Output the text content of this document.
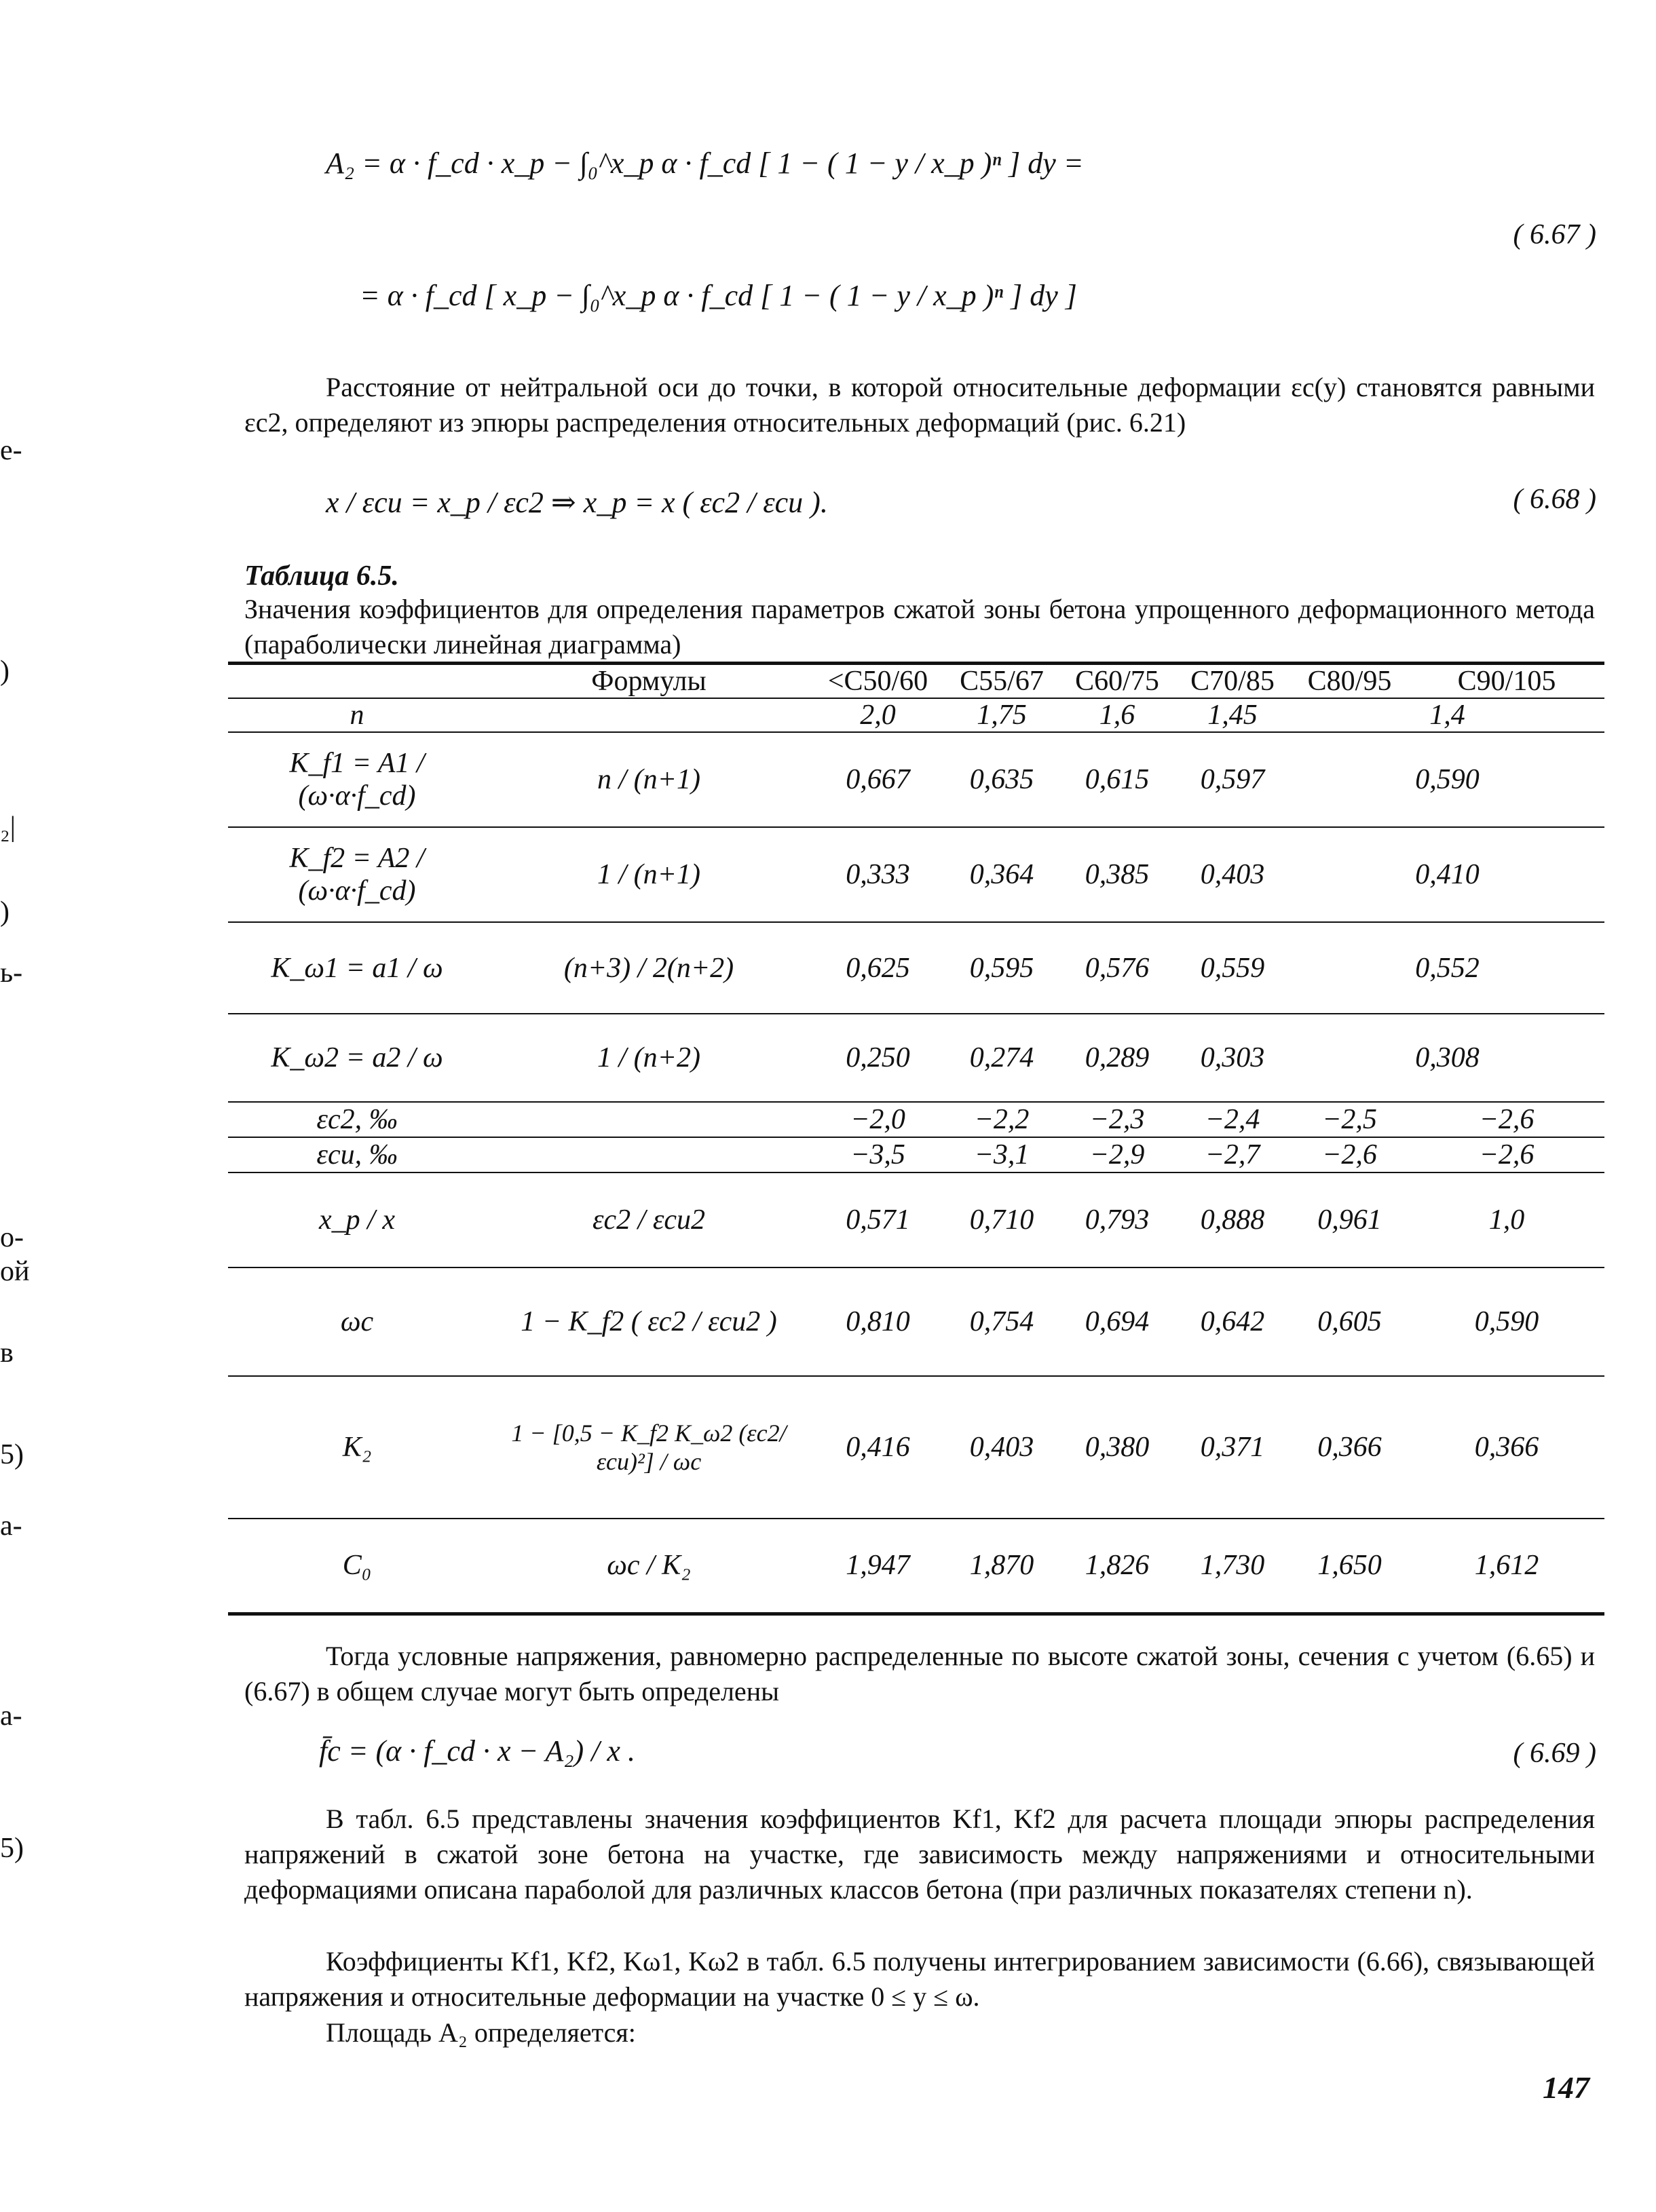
е-
)
₂|
)
ь-
о-
ой
в
5)
а-
а-
5)
A₂ = α · f_cd · x_p − ∫₀^x_p α · f_cd [ 1 − ( 1 − y / x_p )ⁿ ] dy =
= α · f_cd [ x_p − ∫₀^x_p α · f_cd [ 1 − ( 1 − y / x_p )ⁿ ] dy ]
( 6.67 )
Расстояние от нейтральной оси до точки, в которой относительные деформации εc(y) становятся равными εc2, определяют из эпюры распределения относительных деформаций (рис. 6.21)
x / εcu = x_p / εc2 ⇒ x_p = x ( εc2 / εcu ).	( 6.68 )
Таблица 6.5.
Значения коэффициентов для определения параметров сжатой зоны бетона упрощенного деформационного метода (параболически линейная диаграмма)
	Формулы	<C50/60	C55/67	C60/75	C70/85	C80/95	C90/105
n		2,0	1,75	1,6	1,45	1,4	
K_f1 = A1 / (ω·α·f_cd)	n / (n+1)	0,667	0,635	0,615	0,597	0,590	
K_f2 = A2 / (ω·α·f_cd)	1 / (n+1)	0,333	0,364	0,385	0,403	0,410	
K_ω1 = a1 / ω	(n+3) / 2(n+2)	0,625	0,595	0,576	0,559	0,552	
K_ω2 = a2 / ω	1 / (n+2)	0,250	0,274	0,289	0,303	0,308	
εc2, ‰		−2,0	−2,2	−2,3	−2,4	−2,5	−2,6
εcu, ‰		−3,5	−3,1	−2,9	−2,7	−2,6	−2,6
x_p / x	εc2 / εcu2	0,571	0,710	0,793	0,888	0,961	1,0
ωc	1 − K_f2 ( εc2 / εcu2 )	0,810	0,754	0,694	0,642	0,605	0,590
K₂	1 − [0,5 − K_f2 K_ω2 (εc2/εcu)²] / ωc	0,416	0,403	0,380	0,371	0,366	0,366
C₀	ωc / K₂	1,947	1,870	1,826	1,730	1,650	1,612
Тогда условные напряжения, равномерно распределенные по высоте сжатой зоны, сечения с учетом (6.65) и (6.67) в общем случае могут быть определены
f̄c = (α · f_cd · x − A₂) / x .	( 6.69 )
В табл. 6.5 представлены значения коэффициентов Kf1, Kf2 для расчета площади эпюры распределения напряжений в сжатой зоне бетона на участке, где зависимость между напряжениями и относительными деформациями описана параболой для различных классов бетона (при различных показателях степени n).
Коэффициенты Kf1, Kf2, Kω1, Kω2 в табл. 6.5 получены интегрированием зависимости (6.66), связывающей напряжения и относительные деформации на участке 0 ≤ y ≤ ω.
Площадь A₂ определяется:
147
